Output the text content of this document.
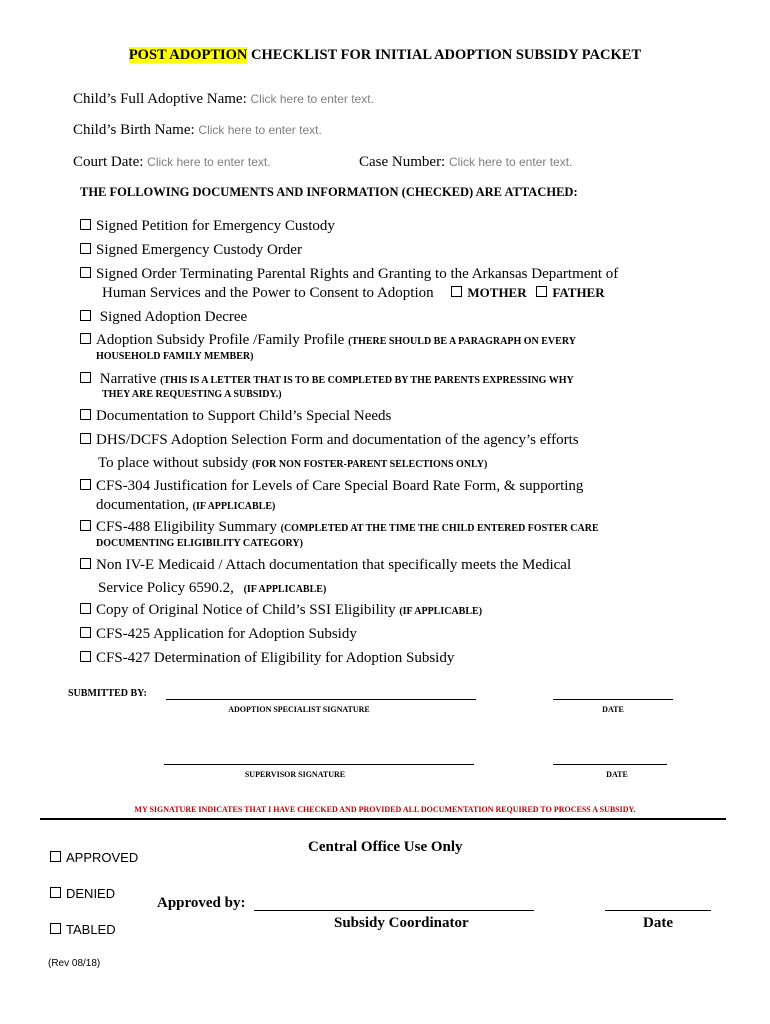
POST ADOPTION CHECKLIST FOR INITIAL ADOPTION SUBSIDY PACKET
Child’s Full Adoptive Name: Click here to enter text.
Child’s Birth Name: Click here to enter text.
Court Date: Click here to enter text.	Case Number: Click here to enter text.
THE FOLLOWING DOCUMENTS AND INFORMATION (CHECKED) ARE ATTACHED:
Signed Petition for Emergency Custody
Signed Emergency Custody Order
Signed Order Terminating Parental Rights and Granting to the Arkansas Department of
Human Services and the Power to Consent to Adoption	MOTHER FATHER
Signed Adoption Decree
Adoption Subsidy Profile /Family Profile (THERE SHOULD BE A PARAGRAPH ON EVERY
HOUSEHOLD FAMILY MEMBER)
Narrative (THIS IS A LETTER THAT IS TO BE COMPLETED BY THE PARENTS EXPRESSING WHY
THEY ARE REQUESTING A SUBSIDY.)
Documentation to Support Child’s Special Needs
DHS/DCFS Adoption Selection Form and documentation of the agency’s efforts
To place without subsidy (FOR NON FOSTER-PARENT SELECTIONS ONLY)
CFS-304 Justification for Levels of Care Special Board Rate Form, & supporting
documentation, (IF APPLICABLE)
CFS-488 Eligibility Summary (COMPLETED AT THE TIME THE CHILD ENTERED FOSTER CARE
DOCUMENTING ELIGIBILITY CATEGORY)
Non IV-E Medicaid / Attach documentation that specifically meets the Medical
Service Policy 6590.2, (IF APPLICABLE)
Copy of Original Notice of Child’s SSI Eligibility (IF APPLICABLE)
CFS-425 Application for Adoption Subsidy
CFS-427 Determination of Eligibility for Adoption Subsidy
SUBMITTED BY:
ADOPTION SPECIALIST SIGNATURE	DATE
SUPERVISOR SIGNATURE	DATE
MY SIGNATURE INDICATES THAT I HAVE CHECKED AND PROVIDED ALL DOCUMENTATION REQUIRED TO PROCESS A SUBSIDY.
Central Office Use Only
APPROVED
DENIED
TABLED
Approved by:
Subsidy Coordinator	Date
(Rev 08/18)
